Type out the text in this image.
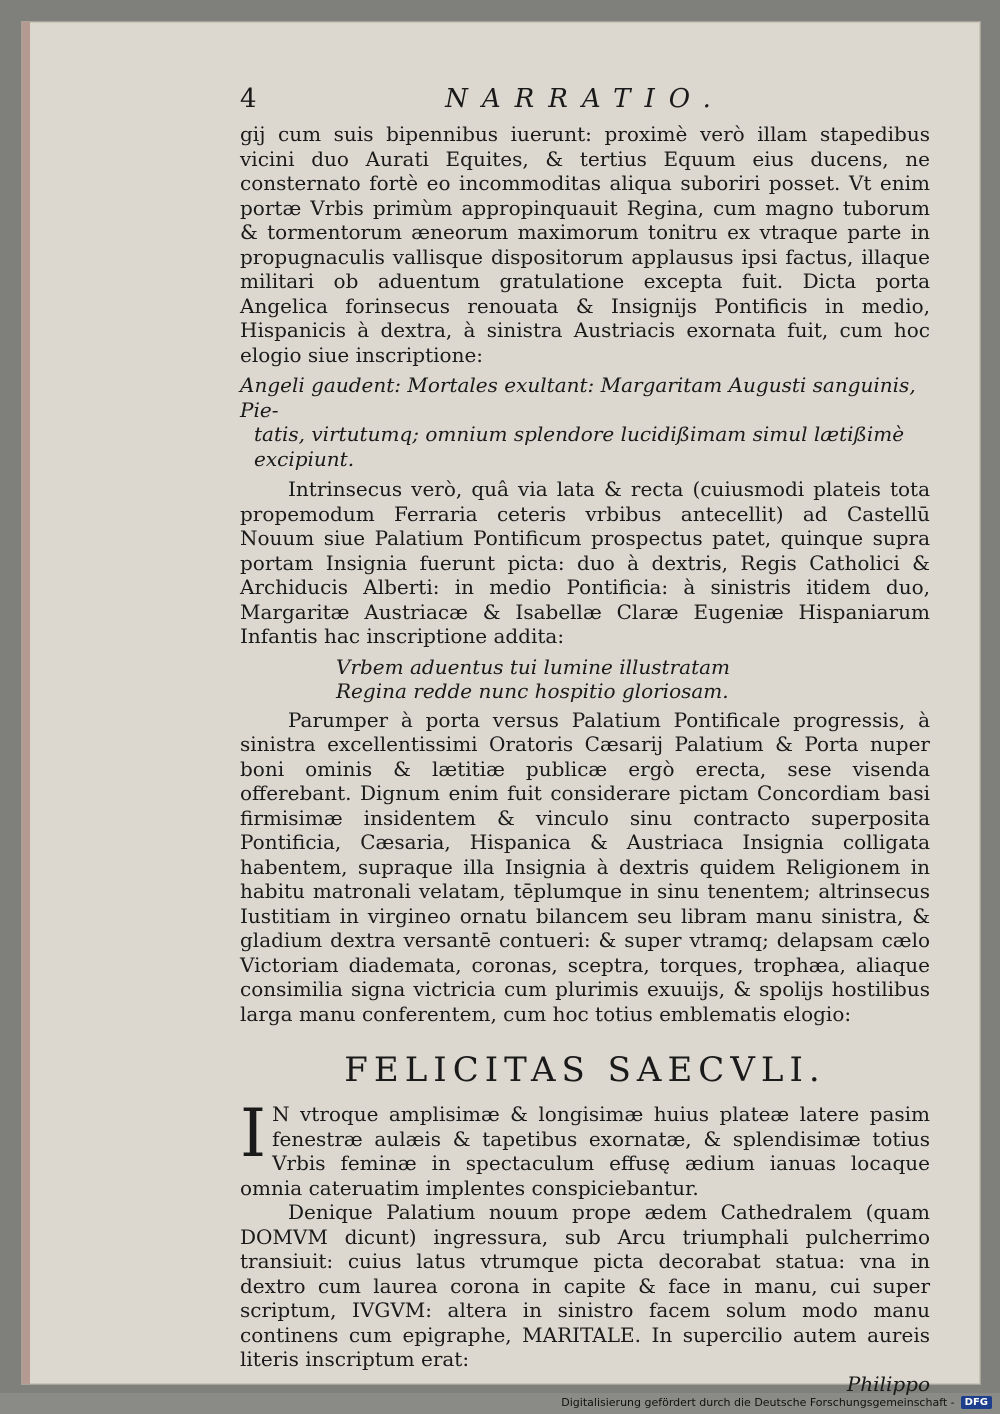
4	NARRATIO.

gij cum suis bipennibus iuerunt: proximè verò illam stapedibus vicini duo Aurati Equites, & tertius Equum eius ducens, ne consternato fortè eo incommoditas aliqua suboriri posset. Vt enim portæ Vrbis primùm appropinquauit Regina, cum magno tuborum & tormentorum æneorum maximorum tonitru ex vtraque parte in propugnaculis vallisque dispositorum applausus ipsi factus, illaque militari ob aduentum gratulatione excepta fuit. Dicta porta Angelica forinsecus renouata & Insignijs Pontificis in medio, Hispanicis à dextra, à sinistra Austriacis exornata fuit, cum hoc elogio siue inscriptione:

Angeli gaudent: Mortales exultant: Margaritam Augusti sanguinis, Pie-
tatis, virtutumq; omnium splendore lucidißimam simul lætißimè excipiunt.

Intrinsecus verò, quâ via lata & recta (cuiusmodi plateis tota propemodum Ferraria ceteris vrbibus antecellit) ad Castellū Nouum siue Palatium Pontificum prospectus patet, quinque supra portam Insignia fuerunt picta: duo à dextris, Regis Catholici & Archiducis Alberti: in medio Pontificia: à sinistris itidem duo, Margaritæ Austriacæ & Isabellæ Claræ Eugeniæ Hispaniarum Infantis hac inscriptione addita:

Vrbem aduentus tui lumine illustratam
Regina redde nunc hospitio gloriosam.

Parumper à porta versus Palatium Pontificale progressis, à sinistra excellentissimi Oratoris Cæsarij Palatium & Porta nuper boni ominis & lætitiæ publicæ ergò erecta, sese visenda offerebant. Dignum enim fuit considerare pictam Concordiam basi firmisimæ insidentem & vinculo sinu contracto superposita Pontificia, Cæsaria, Hispanica & Austriaca Insignia colligata habentem, supraque illa Insignia à dextris quidem Religionem in habitu matronali velatam, tēplumque in sinu tenentem; altrinsecus Iustitiam in virgineo ornatu bilancem seu libram manu sinistra, & gladium dextra versantē contueri: & super vtramq; delapsam cælo Victoriam diademata, coronas, sceptra, torques, trophæa, aliaque consimilia signa victricia cum plurimis exuuijs, & spolijs hostilibus larga manu conferentem, cum hoc totius emblematis elogio:

FELICITAS SAECVLI.

I N vtroque amplisimæ & longisimæ huius plateæ latere pasim fenestræ aulæis & tapetibus exornatæ, & splendisimæ totius Vrbis feminæ in spectaculum effusę ædium ianuas locaque omnia cateruatim implentes conspiciebantur.

Denique Palatium nouum prope ædem Cathedralem (quam DOMVM dicunt) ingressura, sub Arcu triumphali pulcherrimo transiuit: cuius latus vtrumque picta decorabat statua: vna in dextro cum laurea corona in capite & face in manu, cui super scriptum, IVGVM: altera in sinistro facem solum modo manu continens cum epigraphe, MARITALE. In supercilio autem aureis literis inscriptum erat:

Philippo
Digitalisierung gefördert durch die Deutsche Forschungsgemeinschaft -	DFG
